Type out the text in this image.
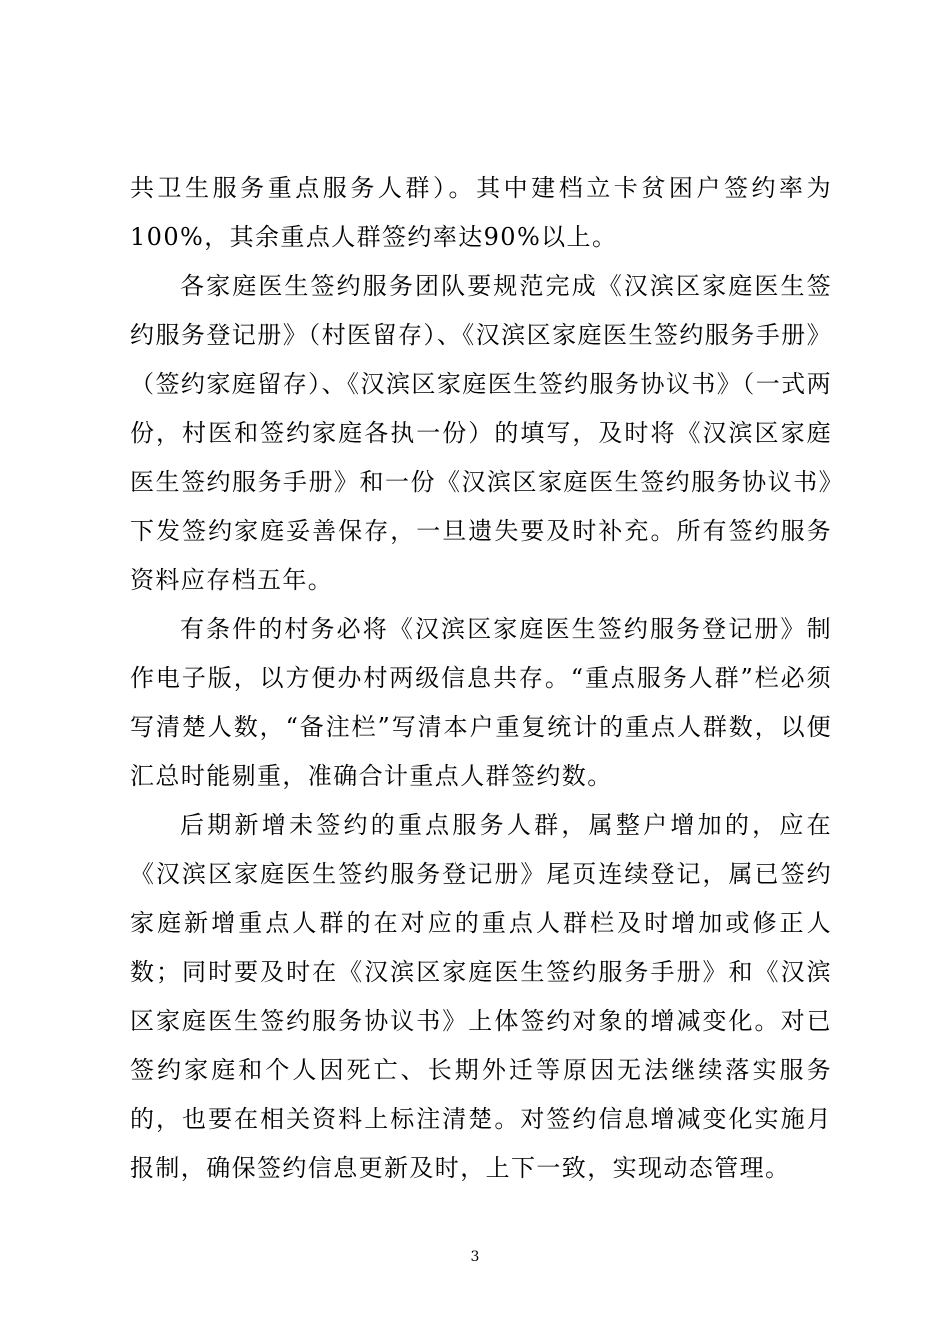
共卫生服务重点服务人群）。其中建档立卡贫困户签约率为100%，其余重点人群签约率达90%以上。

各家庭医生签约服务团队要规范完成《汉滨区家庭医生签约服务登记册》（村医留存）、《汉滨区家庭医生签约服务手册》（签约家庭留存）、《汉滨区家庭医生签约服务协议书》（一式两份，村医和签约家庭各执一份）的填写，及时将《汉滨区家庭医生签约服务手册》和一份《汉滨区家庭医生签约服务协议书》下发签约家庭妥善保存，一旦遗失要及时补充。所有签约服务资料应存档五年。

有条件的村务必将《汉滨区家庭医生签约服务登记册》制作电子版，以方便办村两级信息共存。“重点服务人群”栏必须写清楚人数，“备注栏”写清本户重复统计的重点人群数，以便汇总时能剔重，准确合计重点人群签约数。

后期新增未签约的重点服务人群，属整户增加的，应在《汉滨区家庭医生签约服务登记册》尾页连续登记，属已签约家庭新增重点人群的在对应的重点人群栏及时增加或修正人数；同时要及时在《汉滨区家庭医生签约服务手册》和《汉滨区家庭医生签约服务协议书》上体签约对象的增减变化。对已签约家庭和个人因死亡、长期外迁等原因无法继续落实服务的，也要在相关资料上标注清楚。对签约信息增减变化实施月报制，确保签约信息更新及时，上下一致，实现动态管理。

3
